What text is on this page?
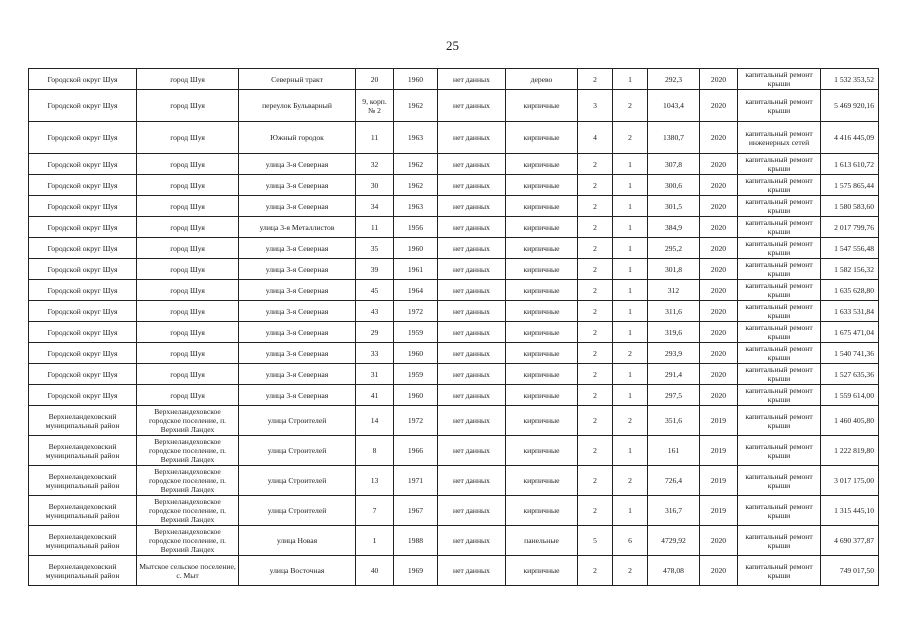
25
Городской округ Шуя	город Шуя	Северный тракт	20	1960	нет данных	дерево	2	1	292,3	2020	капитальный ремонт крыши	1 532 353,52
Городской округ Шуя	город Шуя	переулок Бульварный	9, корп. № 2	1962	нет данных	кирпичные	3	2	1043,4	2020	капитальный ремонт крыши	5 469 920,16
Городской округ Шуя	город Шуя	Южный городок	11	1963	нет данных	кирпичные	4	2	1380,7	2020	капитальный ремонт инженерных сетей	4 416 445,09
Городской округ Шуя	город Шуя	улица 3-я Северная	32	1962	нет данных	кирпичные	2	1	307,8	2020	капитальный ремонт крыши	1 613 610,72
Городской округ Шуя	город Шуя	улица 3-я Северная	30	1962	нет данных	кирпичные	2	1	300,6	2020	капитальный ремонт крыши	1 575 865,44
Городской округ Шуя	город Шуя	улица 3-я Северная	34	1963	нет данных	кирпичные	2	1	301,5	2020	капитальный ремонт крыши	1 580 583,60
Городской округ Шуя	город Шуя	улица 3-я Металлистов	11	1956	нет данных	кирпичные	2	1	384,9	2020	капитальный ремонт крыши	2 017 799,76
Городской округ Шуя	город Шуя	улица 3-я Северная	35	1960	нет данных	кирпичные	2	1	295,2	2020	капитальный ремонт крыши	1 547 556,48
Городской округ Шуя	город Шуя	улица 3-я Северная	39	1961	нет данных	кирпичные	2	1	301,8	2020	капитальный ремонт крыши	1 582 156,32
Городской округ Шуя	город Шуя	улица 3-я Северная	45	1964	нет данных	кирпичные	2	1	312	2020	капитальный ремонт крыши	1 635 628,80
Городской округ Шуя	город Шуя	улица 3-я Северная	43	1972	нет данных	кирпичные	2	1	311,6	2020	капитальный ремонт крыши	1 633 531,84
Городской округ Шуя	город Шуя	улица 3-я Северная	29	1959	нет данных	кирпичные	2	1	319,6	2020	капитальный ремонт крыши	1 675 471,04
Городской округ Шуя	город Шуя	улица 3-я Северная	33	1960	нет данных	кирпичные	2	2	293,9	2020	капитальный ремонт крыши	1 540 741,36
Городской округ Шуя	город Шуя	улица 3-я Северная	31	1959	нет данных	кирпичные	2	1	291,4	2020	капитальный ремонт крыши	1 527 635,36
Городской округ Шуя	город Шуя	улица 3-я Северная	41	1960	нет данных	кирпичные	2	1	297,5	2020	капитальный ремонт крыши	1 559 614,00
Верхнеландеховский муниципальный район	Верхнеландеховское городское поселение, п. Верхний Ландех	улица Строителей	14	1972	нет данных	кирпичные	2	2	351,6	2019	капитальный ремонт крыши	1 460 405,80
Верхнеландеховский муниципальный район	Верхнеландеховское городское поселение, п. Верхний Ландех	улица Строителей	8	1966	нет данных	кирпичные	2	1	161	2019	капитальный ремонт крыши	1 222 819,80
Верхнеландеховский муниципальный район	Верхнеландеховское городское поселение, п. Верхний Ландех	улица Строителей	13	1971	нет данных	кирпичные	2	2	726,4	2019	капитальный ремонт крыши	3 017 175,00
Верхнеландеховский муниципальный район	Верхнеландеховское городское поселение, п. Верхний Ландех	улица Строителей	7	1967	нет данных	кирпичные	2	1	316,7	2019	капитальный ремонт крыши	1 315 445,10
Верхнеландеховский муниципальный район	Верхнеландеховское городское поселение, п. Верхний Ландех	улица Новая	1	1988	нет данных	панельные	5	6	4729,92	2020	капитальный ремонт крыши	4 690 377,87
Верхнеландеховский муниципальный район	Мытское сельское поселение, с. Мыт	улица Восточная	40	1969	нет данных	кирпичные	2	2	478,08	2020	капитальный ремонт крыши	749 017,50
